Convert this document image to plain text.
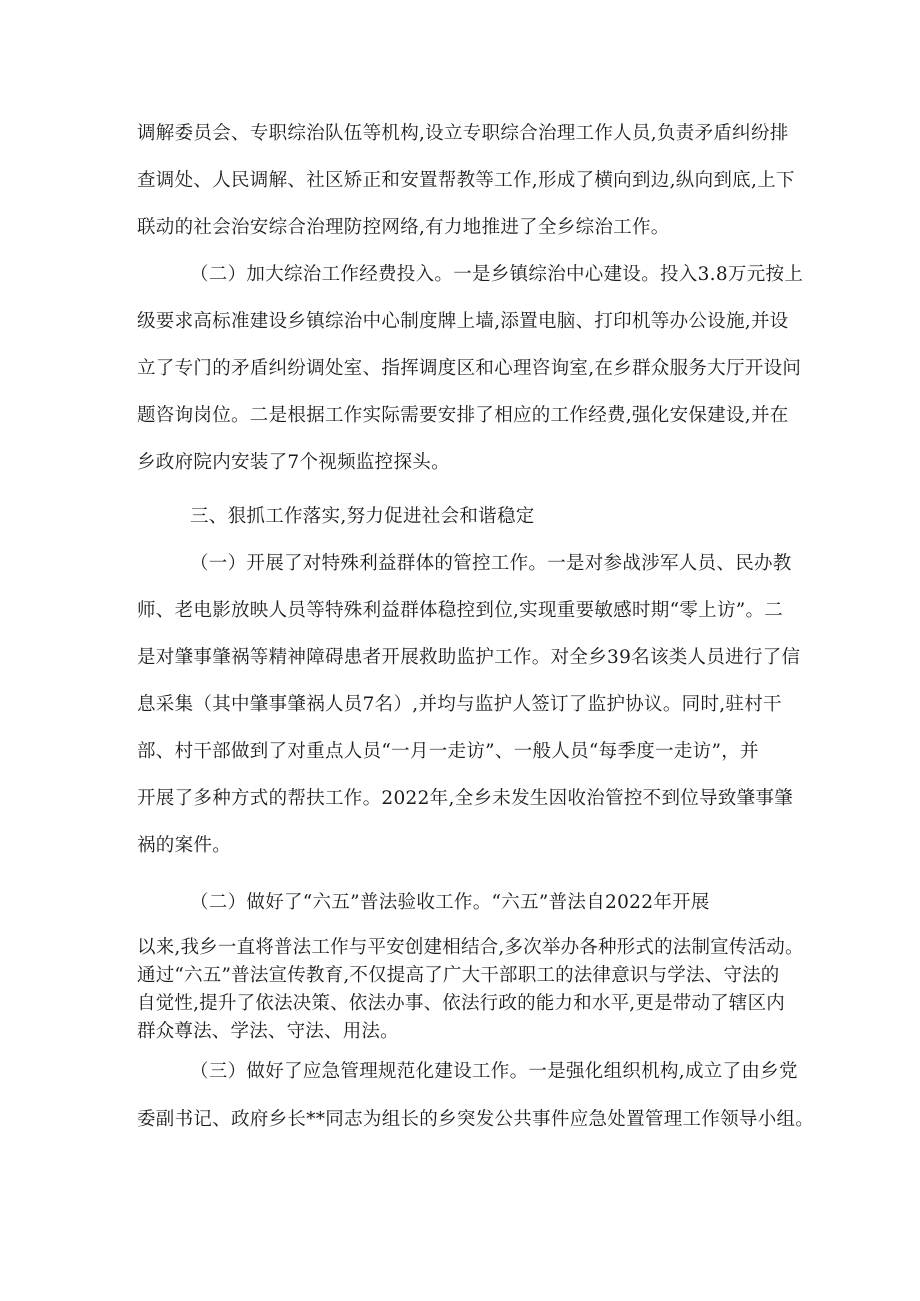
调解委员会、专职综治队伍等机构,设立专职综合治理工作人员,负责矛盾纠纷排
查调处、人民调解、社区矫正和安置帮教等工作,形成了横向到边,纵向到底,上下
联动的社会治安综合治理防控网络,有力地推进了全乡综治工作。
（二）加大综治工作经费投入。一是乡镇综治中心建设。投入3.8万元按上
级要求高标准建设乡镇综治中心制度牌上墙,添置电脑、打印机等办公设施,并设
立了专门的矛盾纠纷调处室、指挥调度区和心理咨询室,在乡群众服务大厅开设问
题咨询岗位。二是根据工作实际需要安排了相应的工作经费,强化安保建设,并在
乡政府院内安装了7个视频监控探头。
三、狠抓工作落实,努力促进社会和谐稳定
（一）开展了对特殊利益群体的管控工作。一是对参战涉军人员、民办教
师、老电影放映人员等特殊利益群体稳控到位,实现重要敏感时期“零上访”。二
是对肇事肇祸等精神障碍患者开展救助监护工作。对全乡39名该类人员进行了信
息采集（其中肇事肇祸人员7名）,并均与监护人签订了监护协议。同时,驻村干
部、村干部做到了对重点人员“一月一走访”、一般人员“每季度一走访”，并
开展了多种方式的帮扶工作。2022年,全乡未发生因收治管控不到位导致肇事肇
祸的案件。
（二）做好了“六五”普法验收工作。“六五”普法自2022年开展
以来,我乡一直将普法工作与平安创建相结合,多次举办各种形式的法制宣传活动。
通过“六五”普法宣传教育,不仅提高了广大干部职工的法律意识与学法、守法的
自觉性,提升了依法决策、依法办事、依法行政的能力和水平,更是带动了辖区内
群众尊法、学法、守法、用法。
（三）做好了应急管理规范化建设工作。一是强化组织机构,成立了由乡党
委副书记、政府乡长**同志为组长的乡突发公共事件应急处置管理工作领导小组。
